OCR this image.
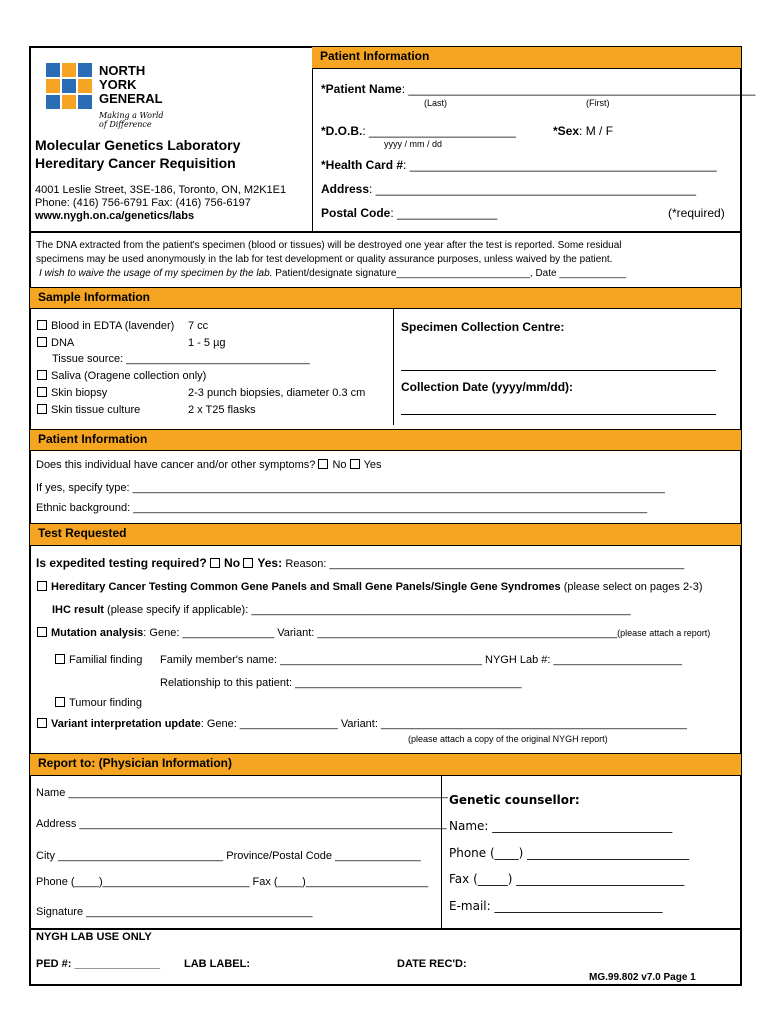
NORTH
YORK
GENERAL
Making a World
of Difference
Molecular Genetics Laboratory
Hereditary Cancer Requisition
4001 Leslie Street, 3SE-186, Toronto, ON, M2K1E1
Phone: (416) 756-6791 Fax: (416) 756-6197
www.nygh.on.ca/genetics/labs
Patient Information
*Patient Name: ____________________________________________________
(Last)	(First)
*D.O.B.: ______________________
yyyy / mm / dd
*Sex: M / F
*Health Card #: ______________________________________________
Address: ________________________________________________
Postal Code: _______________	(*required)
The DNA extracted from the patient's specimen (blood or tissues) will be destroyed one year after the test is reported. Some residual
specimens may be used anonymously in the lab for test development or quality assurance purposes, unless waived by the patient.
I wish to waive the usage of my specimen by the lab. Patient/designate signature________________________, Date ____________
Sample Information
Blood in EDTA (lavender) 7 cc
DNA	1 - 5 µg
Tissue source: ______________________________
Saliva (Oragene collection only)
Skin biopsy	2-3 punch biopsies, diameter 0.3 cm
Skin tissue culture	2 x T25 flasks
Specimen Collection Centre:
Collection Date (yyyy/mm/dd):
Patient Information
Does this individual have cancer and/or other symptoms? No Yes
If yes, specify type: _______________________________________________________________________________________
Ethnic background: ____________________________________________________________________________________
Test Requested
Is expedited testing required? No Yes: Reason: __________________________________________________________
Hereditary Cancer Testing Common Gene Panels and Small Gene Panels/Single Gene Syndromes (please select on pages 2-3)
IHC result (please specify if applicable): ______________________________________________________________
Mutation analysis: Gene: _______________ Variant: _________________________________________________(please attach a report)
Familial finding Family member's name: _________________________________ NYGH Lab #: _____________________
Relationship to this patient: _____________________________________
Tumour finding
Variant interpretation update: Gene: ________________ Variant: __________________________________________________
(please attach a copy of the original NYGH report)
Report to: (Physician Information)
Name ______________________________________________________________
Address ____________________________________________________________
City ___________________________ Province/Postal Code ______________
Phone (____)________________________ Fax (____)____________________
Signature _____________________________________
Genetic counsellor:
Name: ______________________________
Phone (____) ___________________________
Fax (_____) ____________________________
E-mail: ____________________________
NYGH LAB USE ONLY
PED #: ______________ LAB LABEL:	DATE REC'D:
MG.99.802 v7.0 Page 1
